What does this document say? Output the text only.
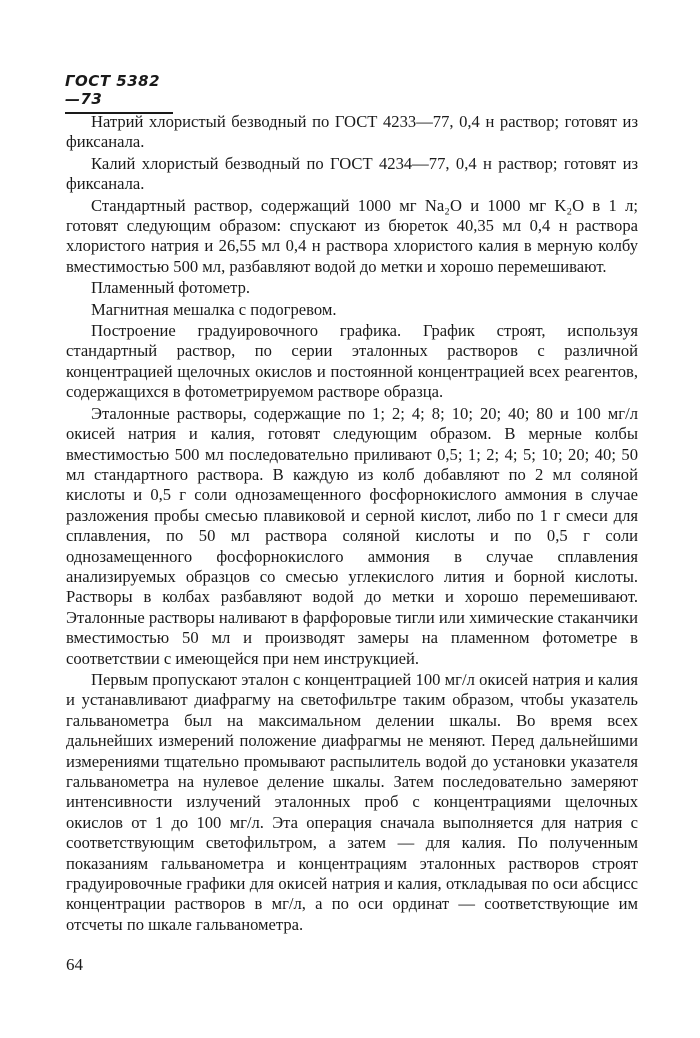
ГОСТ 5382—73

Натрий хлористый безводный по ГОСТ 4233—77, 0,4 н раствор; готовят из фиксанала.

Калий хлористый безводный по ГОСТ 4234—77, 0,4 н раствор; готовят из фиксанала.

Стандартный раствор, содержащий 1000 мг Na₂O и 1000 мг K₂O в 1 л; готовят следующим образом: спускают из бюреток 40,35 мл 0,4 н раствора хлористого натрия и 26,55 мл 0,4 н раствора хлористого калия в мерную колбу вместимостью 500 мл, разбавляют водой до метки и хорошо перемешивают.

Пламенный фотометр.

Магнитная мешалка с подогревом.

Построение градуировочного графика. График строят, используя стандартный раствор, по серии эталонных растворов с различной концентрацией щелочных окислов и постоянной концентрацией всех реагентов, содержащихся в фотометрируемом растворе образца.

Эталонные растворы, содержащие по 1; 2; 4; 8; 10; 20; 40; 80 и 100 мг/л окисей натрия и калия, готовят следующим образом. В мерные колбы вместимостью 500 мл последовательно приливают 0,5; 1; 2; 4; 5; 10; 20; 40; 50 мл стандартного раствора. В каждую из колб добавляют по 2 мл соляной кислоты и 0,5 г соли однозамещенного фосфорнокислого аммония в случае разложения пробы смесью плавиковой и серной кислот, либо по 1 г смеси для сплавления, по 50 мл раствора соляной кислоты и по 0,5 г соли однозамещенного фосфорнокислого аммония в случае сплавления анализируемых образцов со смесью углекислого лития и борной кислоты. Растворы в колбах разбавляют водой до метки и хорошо перемешивают. Эталонные растворы наливают в фарфоровые тигли или химические стаканчики вместимостью 50 мл и производят замеры на пламенном фотометре в соответствии с имеющейся при нем инструкцией.

Первым пропускают эталон с концентрацией 100 мг/л окисей натрия и калия и устанавливают диафрагму на светофильтре таким образом, чтобы указатель гальванометра был на максимальном делении шкалы. Во время всех дальнейших измерений положение диафрагмы не меняют. Перед дальнейшими измерениями тщательно промывают распылитель водой до установки указателя гальванометра на нулевое деление шкалы. Затем последовательно замеряют интенсивности излучений эталонных проб с концентрациями щелочных окислов от 1 до 100 мг/л. Эта операция сначала выполняется для натрия с соответствующим светофильтром, а затем — для калия. По полученным показаниям гальванометра и концентрациям эталонных растворов строят градуировочные графики для окисей натрия и калия, откладывая по оси абсцисс концентрации растворов в мг/л, а по оси ординат — соответствующие им отсчеты по шкале гальванометра.

64
